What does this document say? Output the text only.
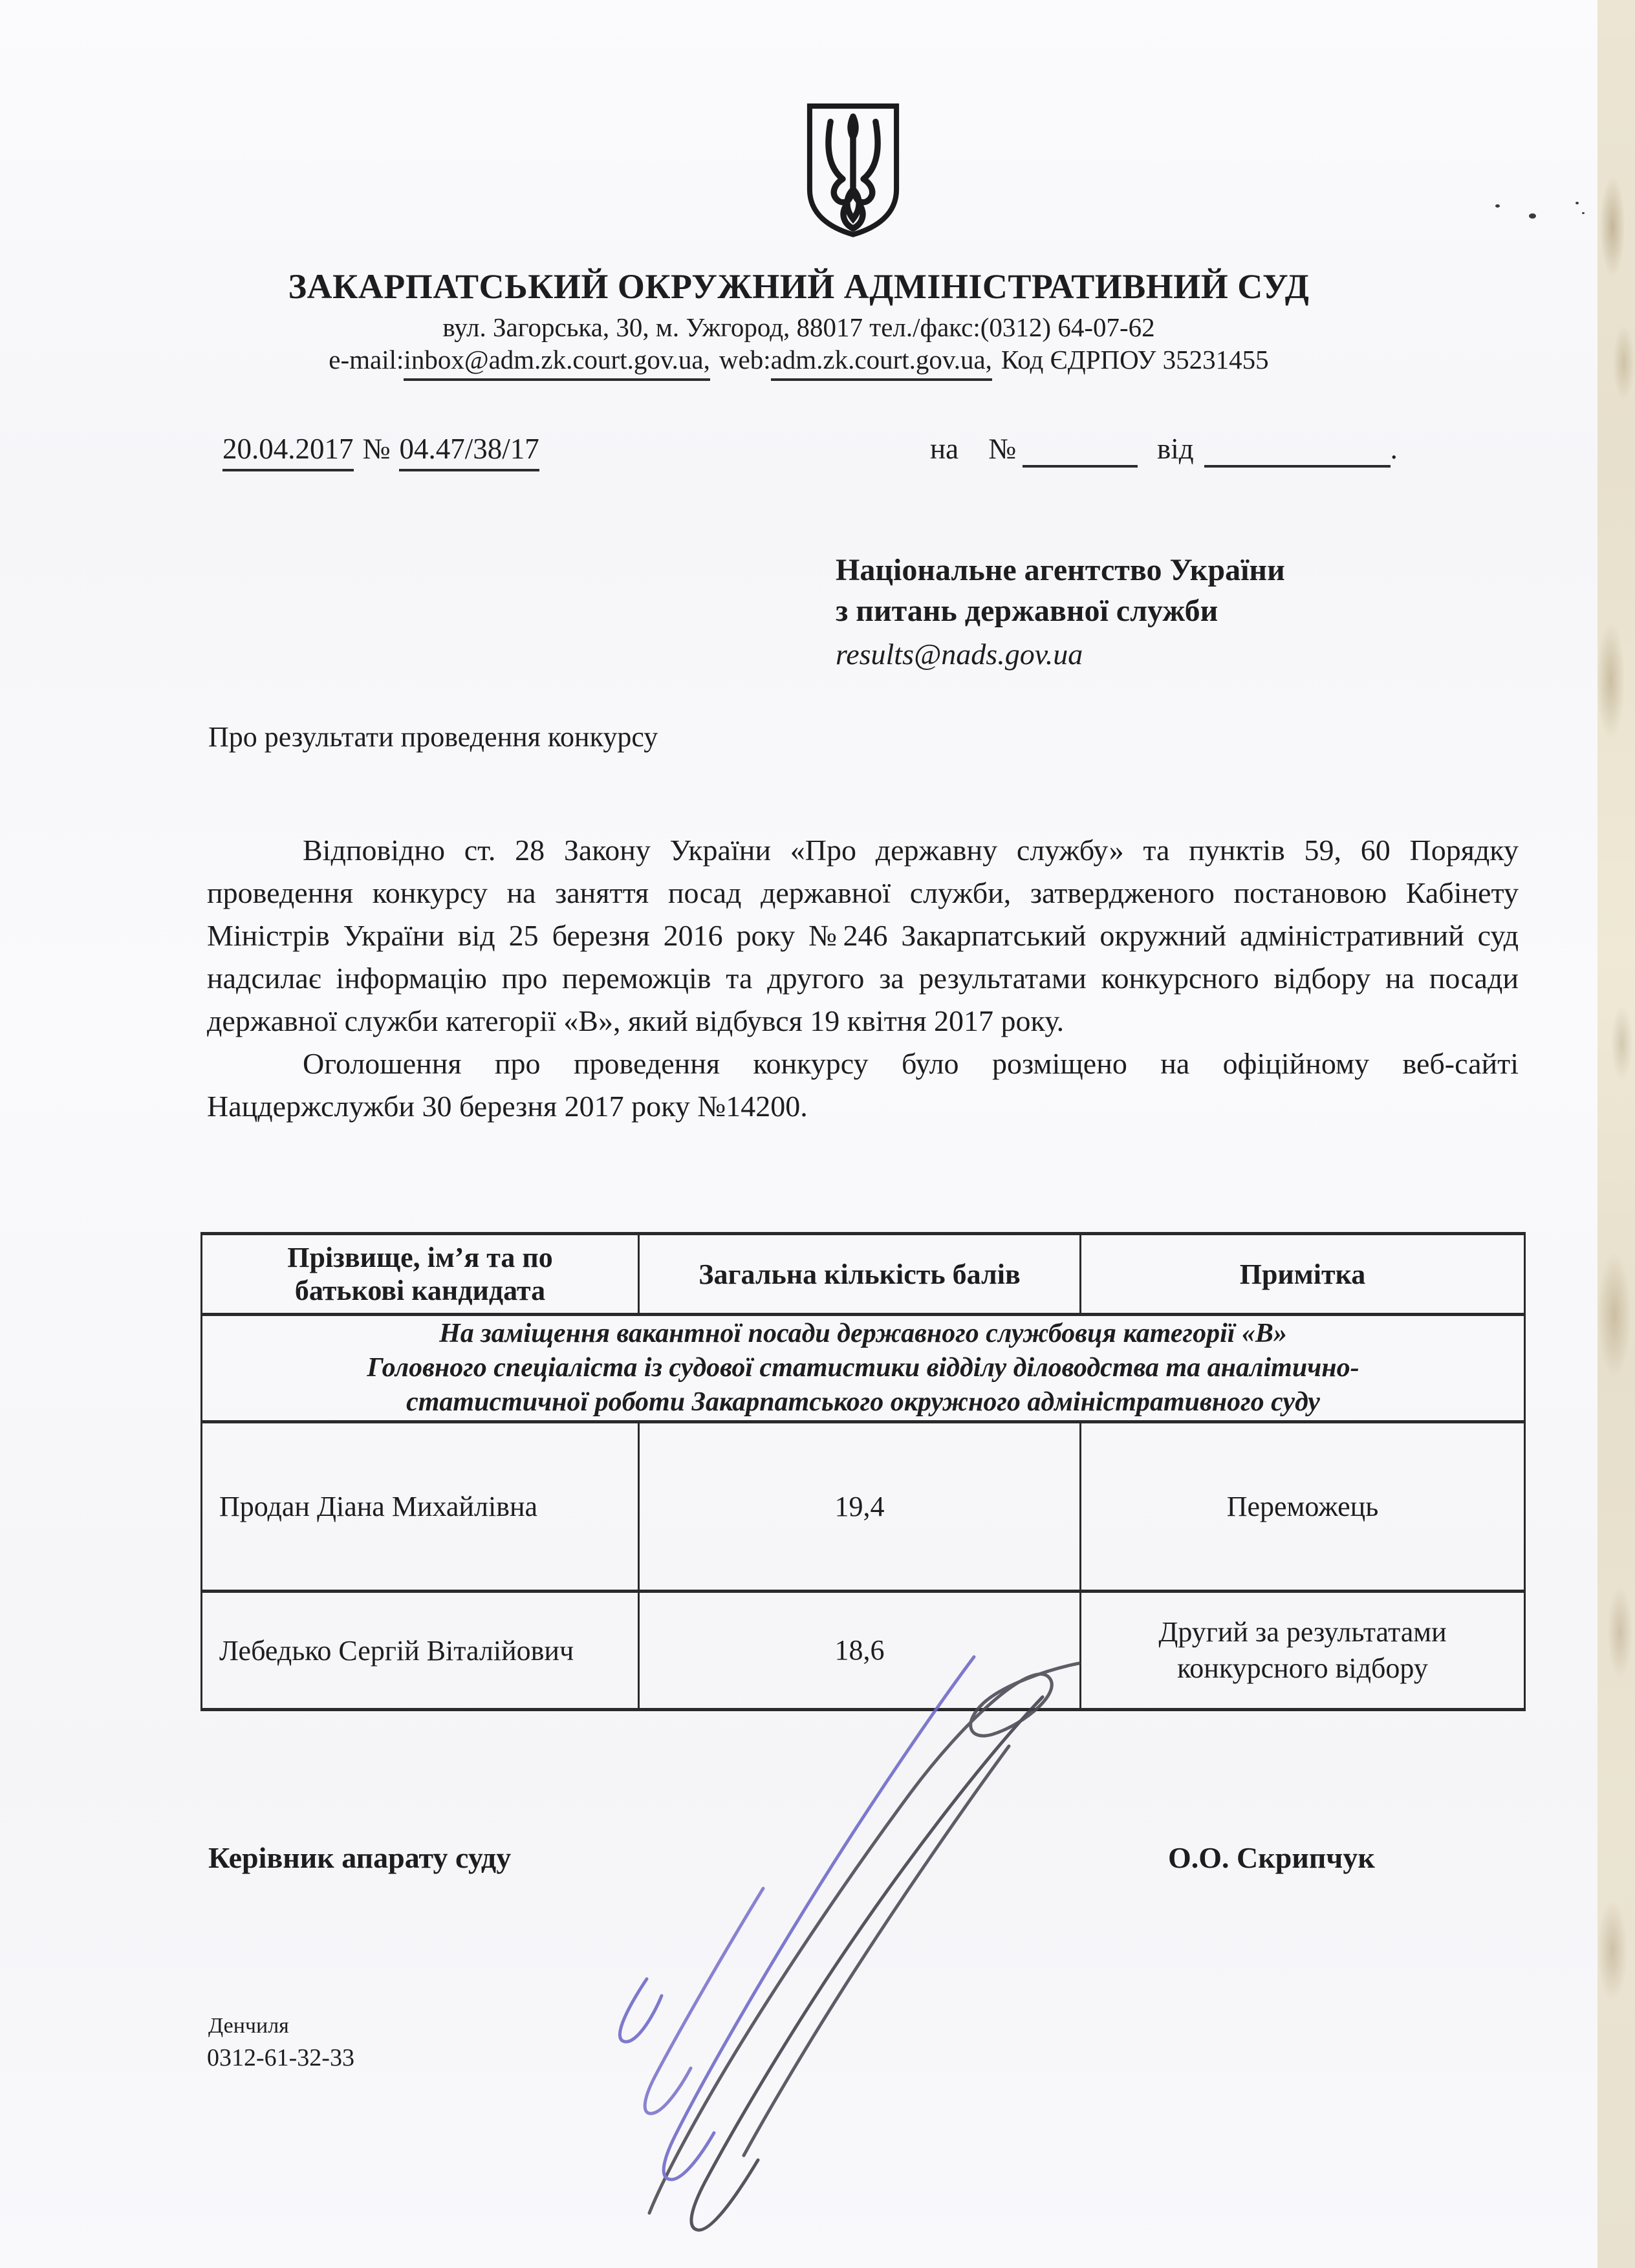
ЗАКАРПАТСЬКИЙ ОКРУЖНИЙ АДМІНІСТРАТИВНИЙ СУД
вул. Загорська, 30, м. Ужгород, 88017 тел./факс:(0312) 64-07-62
e-mail:inbox@adm.zk.court.gov.ua, web:adm.zk.court.gov.ua, Код ЄДРПОУ 35231455
20.04.2017 № 04.47/38/17	на №	від	.
Національне агентство України
з питань державної служби
results@nads.gov.ua
Про результати проведення конкурсу

Відповідно ст. 28 Закону України «Про державну службу» та пунктів 59, 60 Порядку проведення конкурсу на заняття посад державної служби, затвердженого постановою Кабінету Міністрів України від 25 березня 2016 року №246 Закарпатський окружний адміністративний суд надсилає інформацію про переможців та другого за результатами конкурсного відбору на посади державної служби категорії «В», який відбувся 19 квітня 2017 року.

Оголошення про проведення конкурсу було розміщено на офіційному веб-сайті Нацдержслужби 30 березня 2017 року №14200.

Прізвище, ім’я та по батькові кандидата	Загальна кількість балів	Примітка

На заміщення вакантної посади державного службовця категорії «В»
Головного спеціаліста із судової статистики відділу діловодства та аналітично-
статистичної роботи Закарпатського окружного адміністративного суду		

Продан Діана Михайлівна	19,4	Переможець
Лебедько Сергій Віталійович	18,6	Другий за результатами конкурсного відбору
Керівник апарату суду	О.О. Скрипчук
Денчиля
0312-61-32-33
